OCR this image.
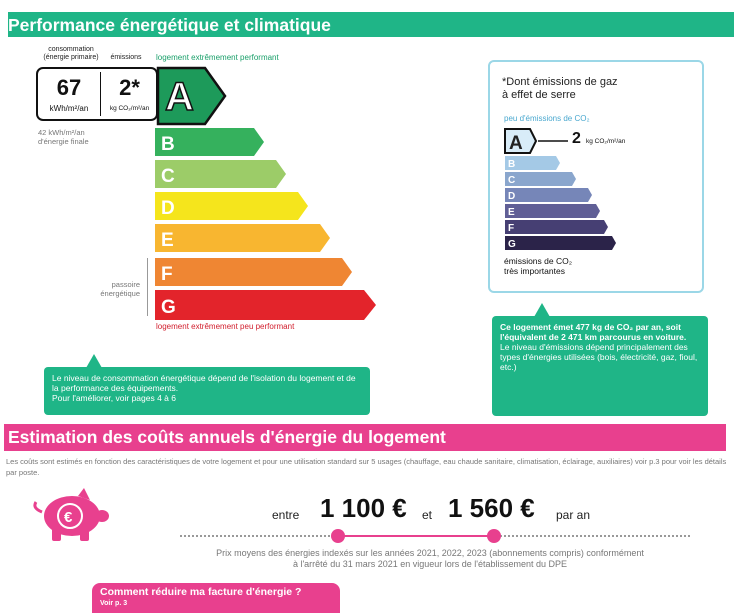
Performance énergétique et climatique
consommation
(énergie primaire)	émissions
67
kWh/m²/an
2*
kg CO₂/m²/an
42 kWh/m²/an
d'énergie finale
logement extrêmement performant
A
B
C
D
E
F
G
passoire
énergétique
logement extrêmement peu performant
Le niveau de consommation énergétique dépend de l'isolation du logement et de la performance des équipements.
Pour l'améliorer, voir pages 4 à 6
*Dont émissions de gaz
à effet de serre
peu d'émissions de CO₂
A
B
C
D
E
F
G
2 kg CO₂/m²/an
émissions de CO₂
très importantes
Ce logement émet 477 kg de CO₂ par an, soit l'équivalent de 2 471 km parcourus en voiture.
Le niveau d'émissions dépend principalement des types d'énergies utilisées (bois, électricité, gaz, fioul, etc.)
Estimation des coûts annuels d'énergie du logement
Les coûts sont estimés en fonction des caractéristiques de votre logement et pour une utilisation standard sur 5 usages (chauffage, eau chaude sanitaire, climatisation, éclairage, auxiliaires) voir p.3 pour voir les détails par poste.
€	entre 1 100 € et 1 560 € par an
Prix moyens des énergies indexés sur les années 2021, 2022, 2023 (abonnements compris) conformément
à l'arrêté du 31 mars 2021 en vigueur lors de l'établissement du DPE
Comment réduire ma facture d'énergie ?
Voir p. 3
